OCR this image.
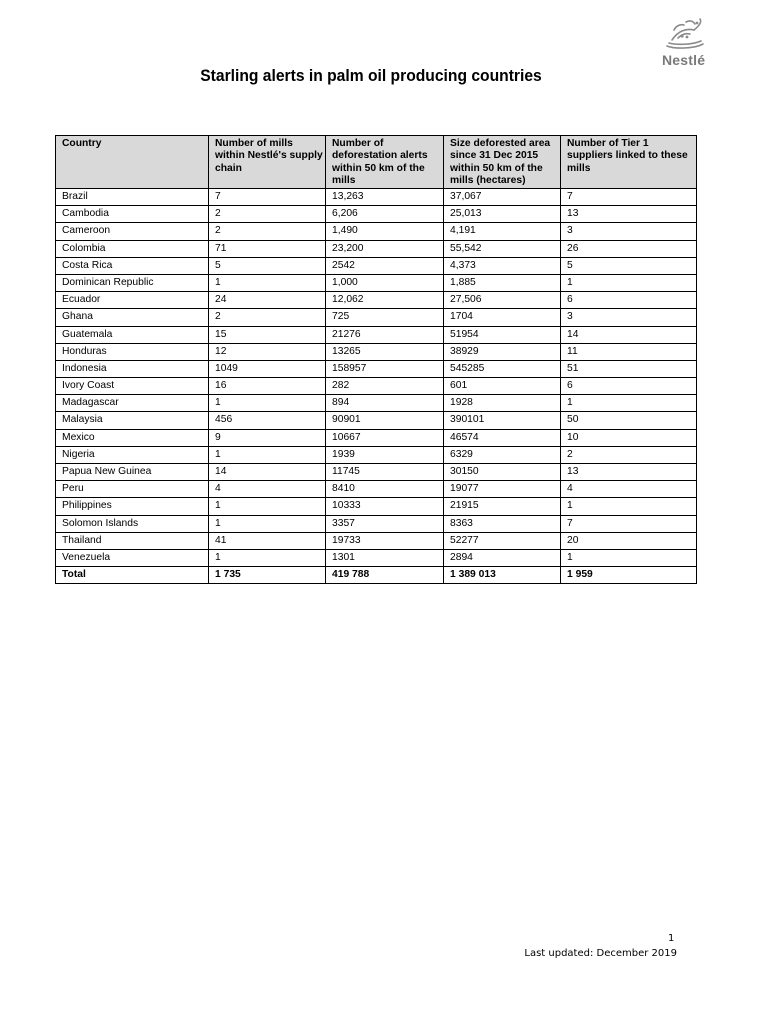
Nestlé
Starling alerts in palm oil producing countries
Country	Number of mills within Nestlé's supply chain	Number of deforestation alerts within 50 km of the mills	Size deforested area since 31 Dec 2015 within 50 km of the mills (hectares)	Number of Tier 1 suppliers linked to these mills
Brazil	7	13,263	37,067	7
Cambodia	2	6,206	25,013	13
Cameroon	2	1,490	4,191	3
Colombia	71	23,200	55,542	26
Costa Rica	5	2542	4,373	5
Dominican Republic	1	1,000	1,885	1
Ecuador	24	12,062	27,506	6
Ghana	2	725	1704	3
Guatemala	15	21276	51954	14
Honduras	12	13265	38929	11
Indonesia	1049	158957	545285	51
Ivory Coast	16	282	601	6
Madagascar	1	894	1928	1
Malaysia	456	90901	390101	50
Mexico	9	10667	46574	10
Nigeria	1	1939	6329	2
Papua New Guinea	14	11745	30150	13
Peru	4	8410	19077	4
Philippines	1	10333	21915	1
Solomon Islands	1	3357	8363	7
Thailand	41	19733	52277	20
Venezuela	1	1301	2894	1
Total	1 735	419 788	1 389 013	1 959
1
Last updated: December 2019
